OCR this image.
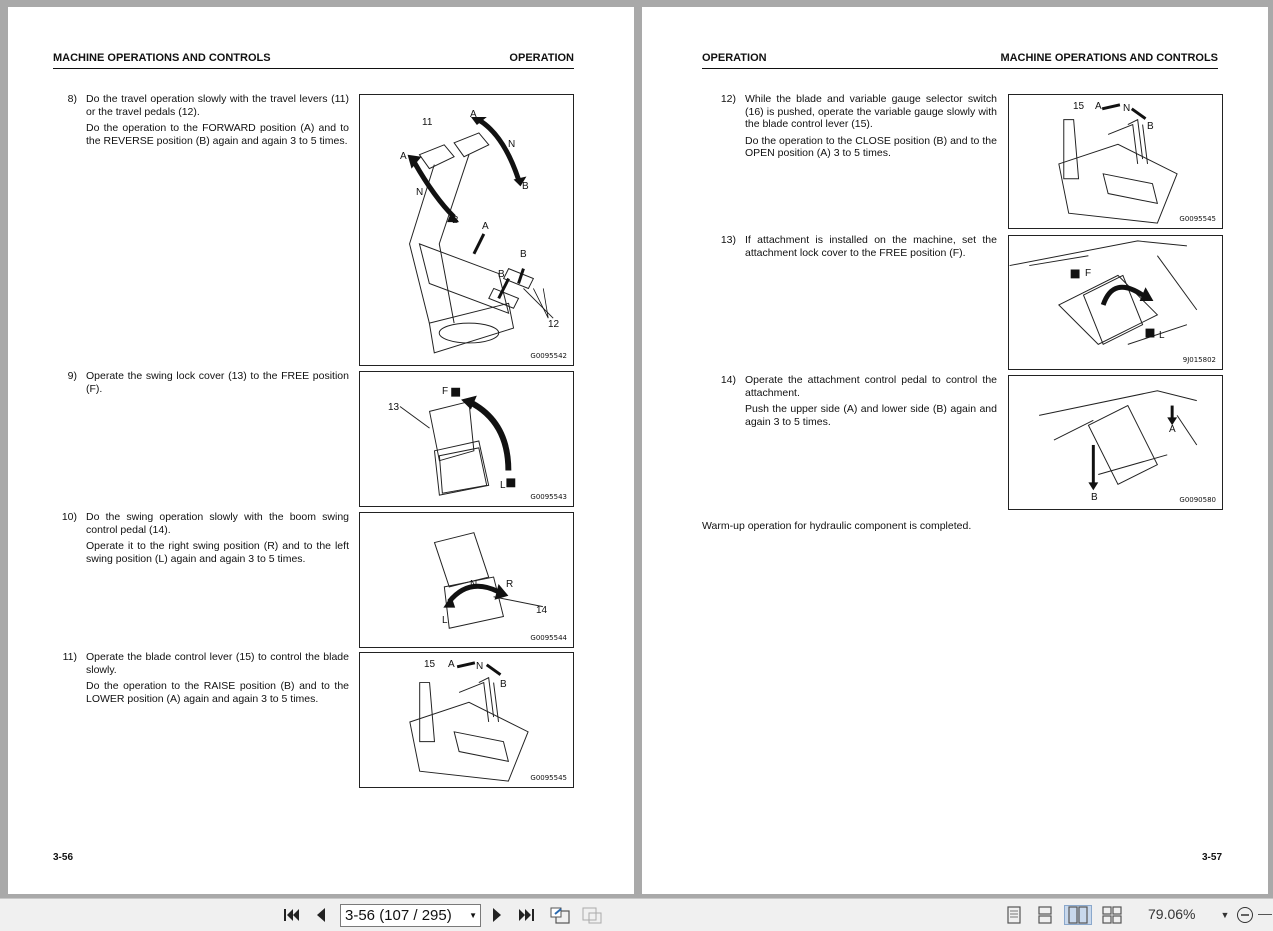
MACHINE OPERATIONS AND CONTROLS	OPERATION
8) Do the travel operation slowly with the travel levers (11) or the travel pedals (12).

Do the operation to the FORWARD position (A) and to the REVERSE position (B) again and again 3 to 5 times.

A
N
B
11
A
N
B
A
B
B
12
G0095542
9) Operate the swing lock cover (13) to the FREE position (F).	F
L
13
G0095543
10) Do the swing operation slowly with the boom swing control pedal (14).

Operate it to the right swing position (R) and to the left swing position (L) again and again 3 to 5 times.

N	R
L
14
G0095544
11) Operate the blade control lever (15) to control the blade slowly.

Do the operation to the RAISE position (B) and to the LOWER position (A) again and again 3 to 5 times.

15 A N
B
G0095545
3-56
OPERATION	MACHINE OPERATIONS AND CONTROLS
12) While the blade and variable gauge selector switch (16) is pushed, operate the variable gauge slowly with the blade control lever (15).

Do the operation to the CLOSE position (B) and to the OPEN position (A) 3 to 5 times.

15 A N
B
G0095545
13) If attachment is installed on the machine, set the attachment lock cover to the FREE position (F).

F
L
9J015802
14) Operate the attachment control pedal to control the attachment.

Push the upper side (A) and lower side (B) again and again 3 to 5 times.

A
B	G0090580
Warm-up operation for hydraulic component is completed.
3-57
3-56 (107 / 295) ▼	79.06%	▼
